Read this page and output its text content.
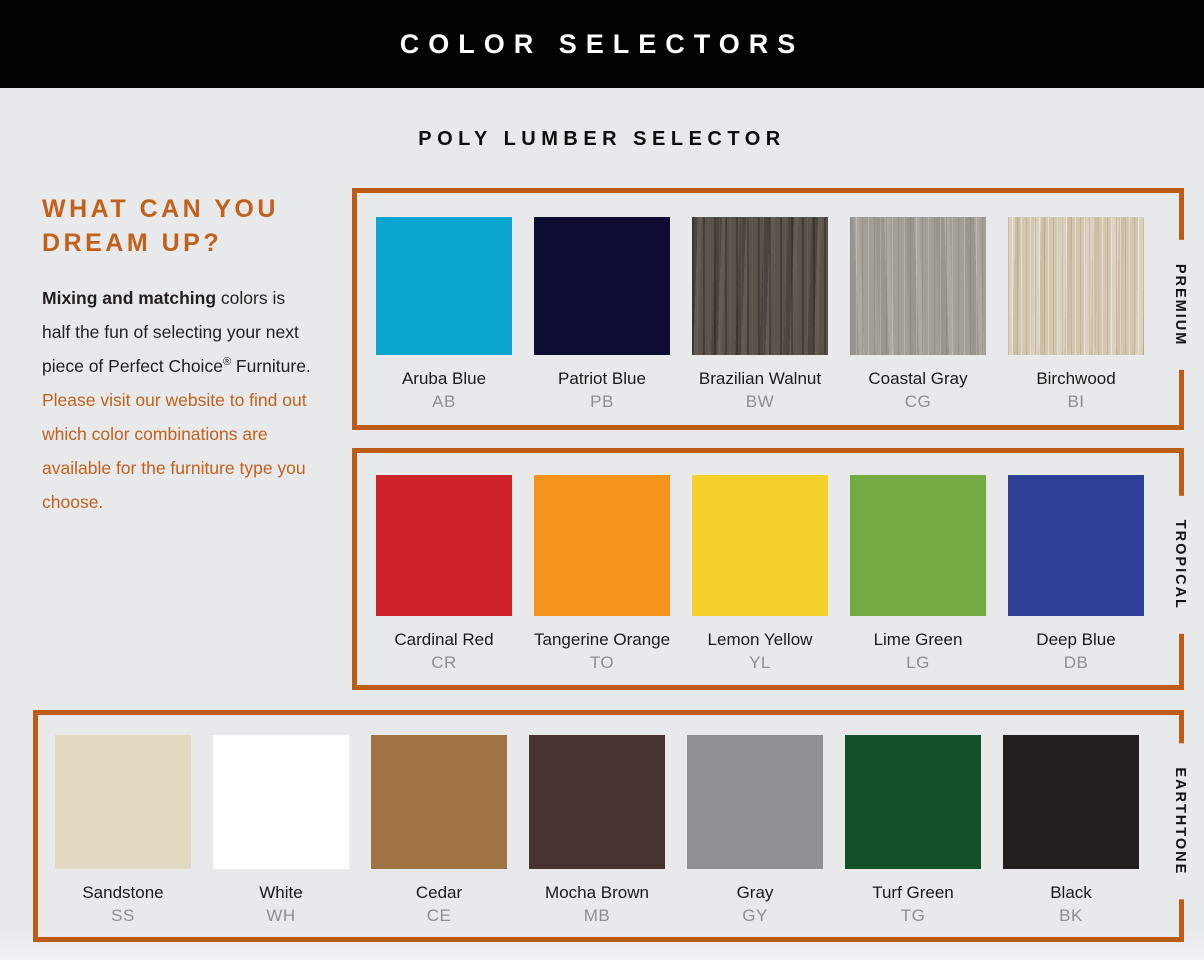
COLOR SELECTORS
POLY LUMBER SELECTOR
WHAT CAN YOU DREAM UP?

Mixing and matching colors is half the fun of selecting your next piece of Perfect Choice® Furniture. Please visit our website to find out which color combinations are available for the furniture type you choose.

Aruba Blue
AB
Patriot Blue
PB
Brazilian Walnut
BW
Coastal Gray
CG
Birchwood
BI
PREMIUM
Cardinal Red
CR
Tangerine Orange
TO
Lemon Yellow
YL
Lime Green
LG
Deep Blue
DB
TROPICAL
Sandstone
SS
White
WH
Cedar
CE
Mocha Brown
MB
Gray
GY
Turf Green
TG
Black
BK
EARTHTONE
